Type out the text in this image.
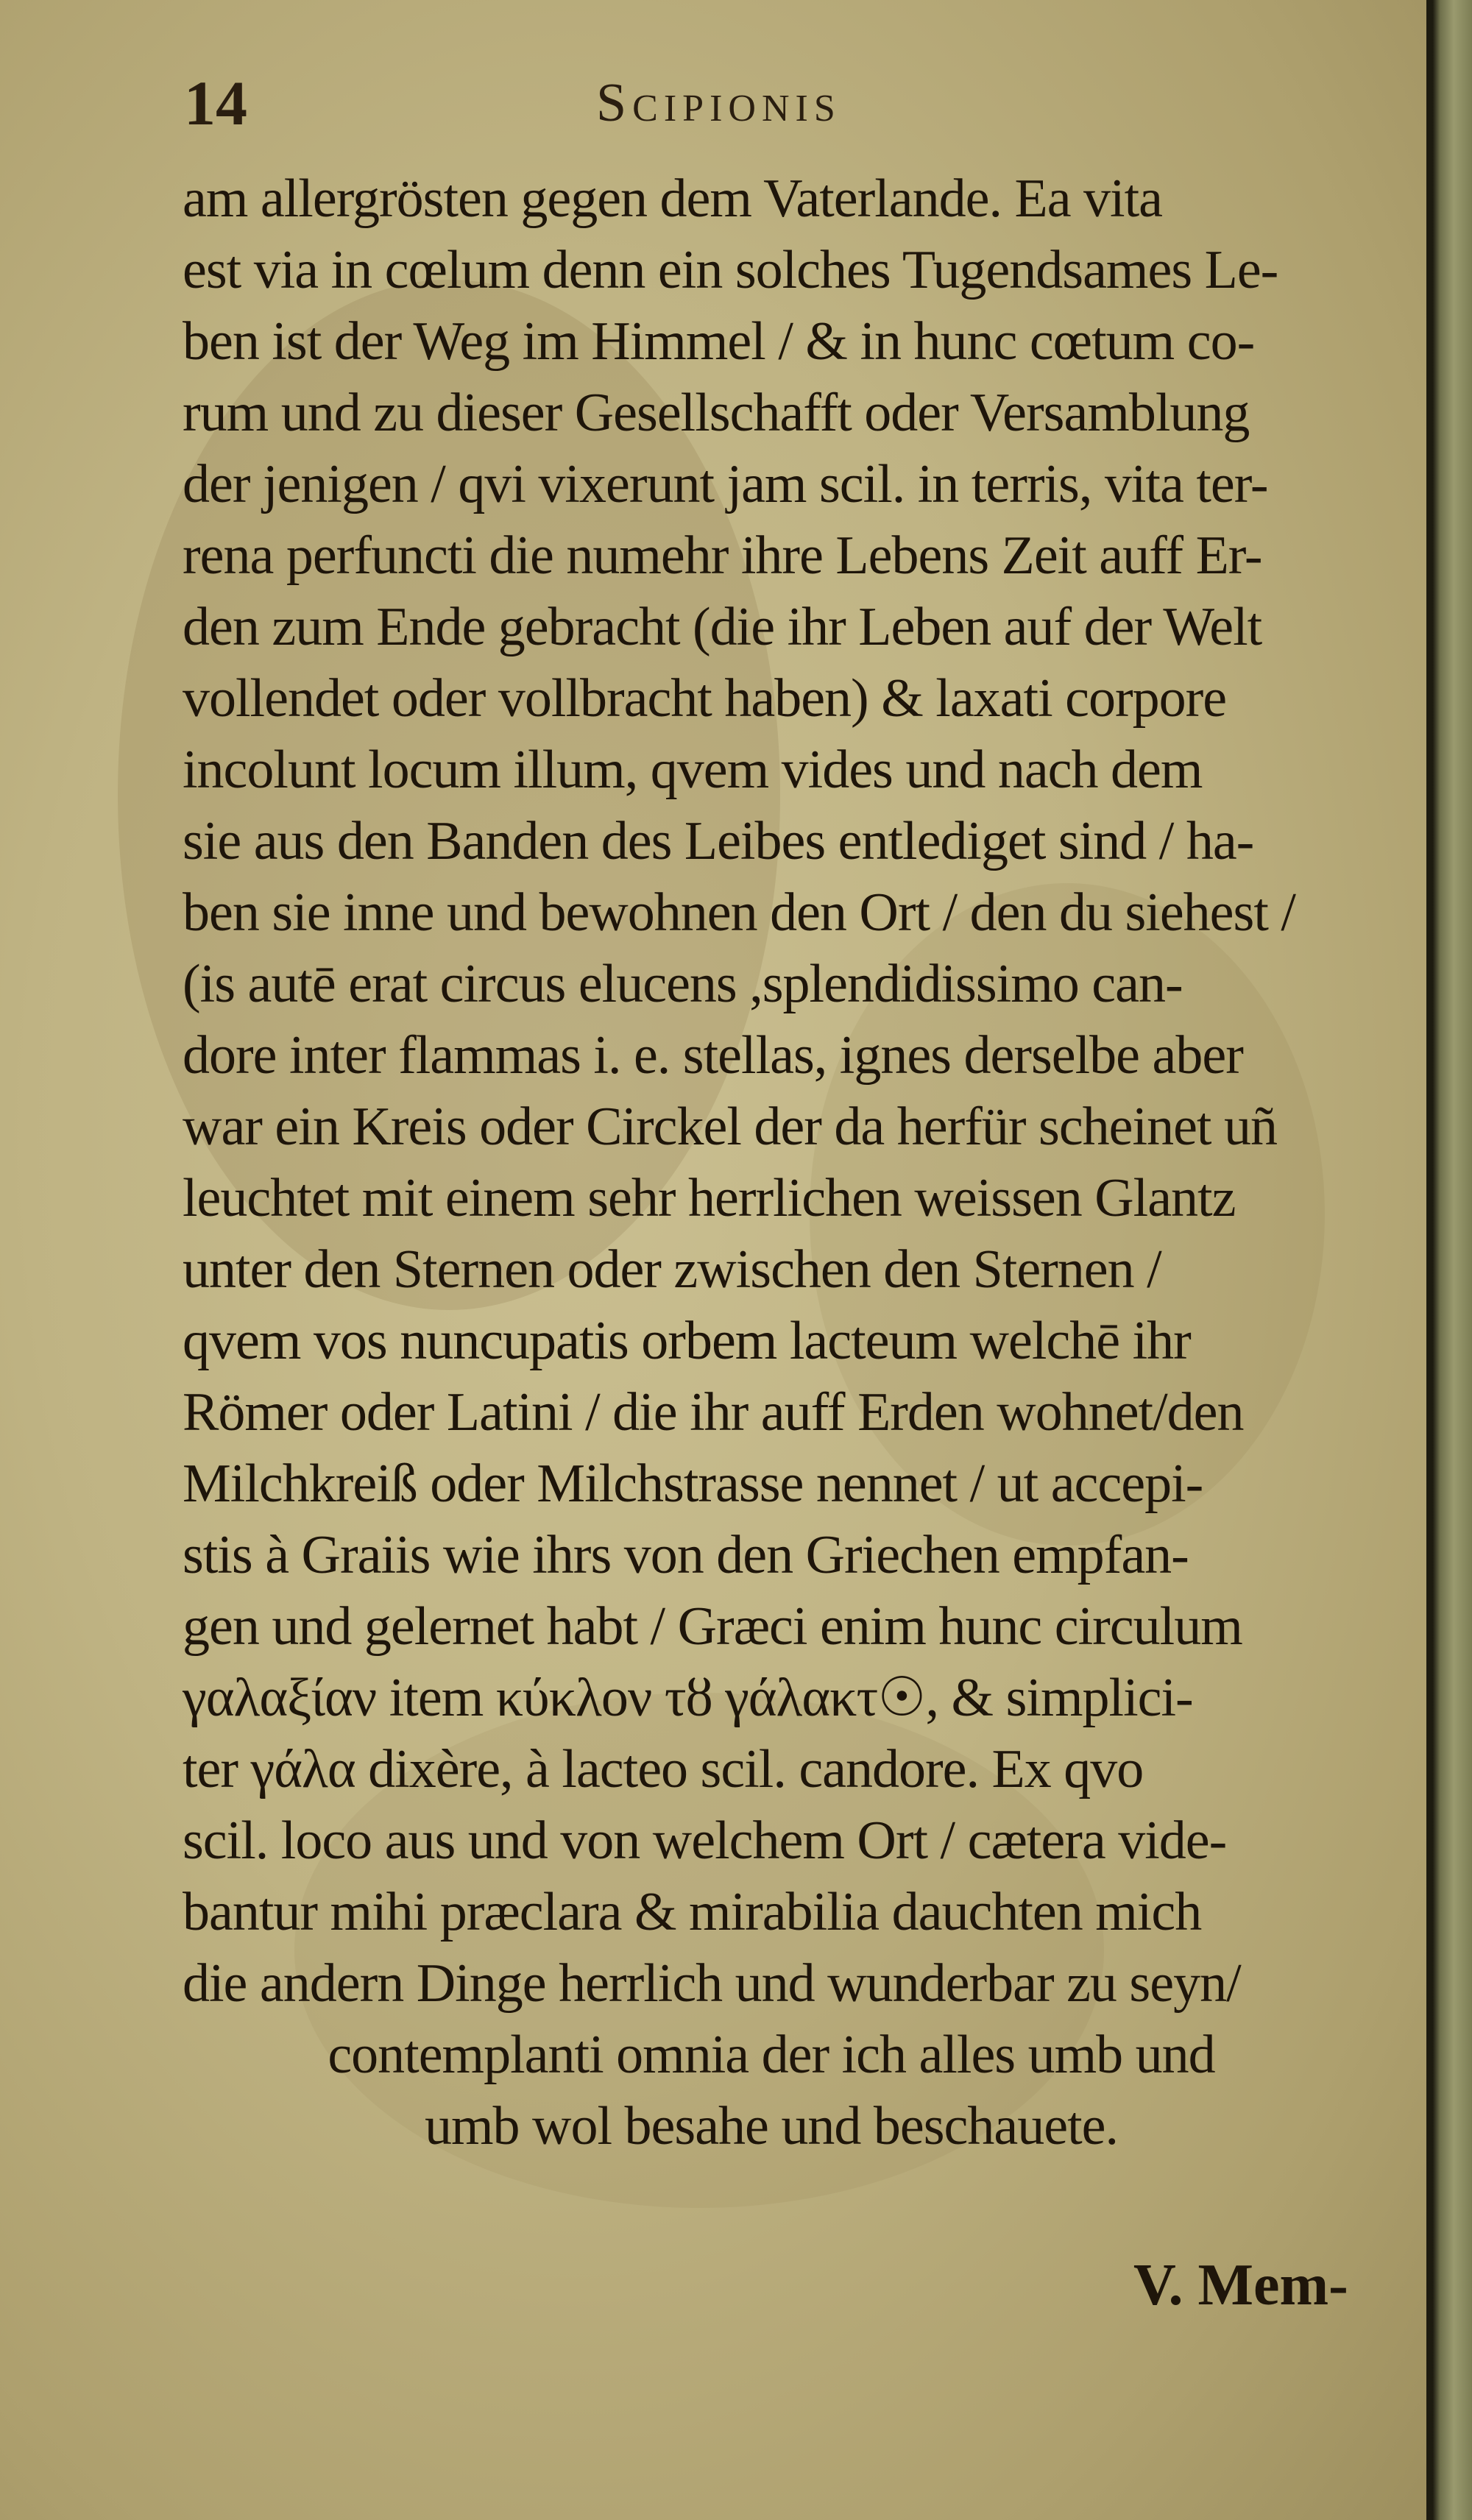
14	Scipionis
am allergrösten gegen dem Vaterlande. Ea vita
est via in cœlum denn ein solches Tugendsames Le-
ben ist der Weg im Himmel / & in hunc cœtum co-
rum und zu dieser Gesellschafft oder Versamblung
der jenigen / qvi vixerunt jam scil. in terris, vita ter-
rena perfuncti die numehr ihre Lebens Zeit auff Er-
den zum Ende gebracht (die ihr Leben auf der Welt
vollendet oder vollbracht haben) & laxati corpore
incolunt locum illum, qvem vides und nach dem
sie aus den Banden des Leibes entlediget sind / ha-
ben sie inne und bewohnen den Ort / den du siehest /
(is autē erat circus elucens ,splendidissimo can-
dore inter flammas i. e. stellas, ignes derselbe aber
war ein Kreis oder Circkel der da herfür scheinet uñ
leuchtet mit einem sehr herrlichen weissen Glantz
unter den Sternen oder zwischen den Sternen /
qvem vos nuncupatis orbem lacteum welchē ihr
Römer oder Latini / die ihr auff Erden wohnet/den
Milchkreiß oder Milchstrasse nennet / ut accepi-
stis à Graiis wie ihrs von den Griechen empfan-
gen und gelernet habt / Græci enim hunc circulum
γαλαξίαν item κύκλον τȣ γάλακτ☉, & simplici-
ter γάλα dixère, à lacteo scil. candore. Ex qvo
scil. loco aus und von welchem Ort / cætera vide-
bantur mihi præclara & mirabilia dauchten mich
die andern Dinge herrlich und wunderbar zu seyn/
contemplanti omnia der ich alles umb und
umb wol besahe und beschauete.
V. Mem-
